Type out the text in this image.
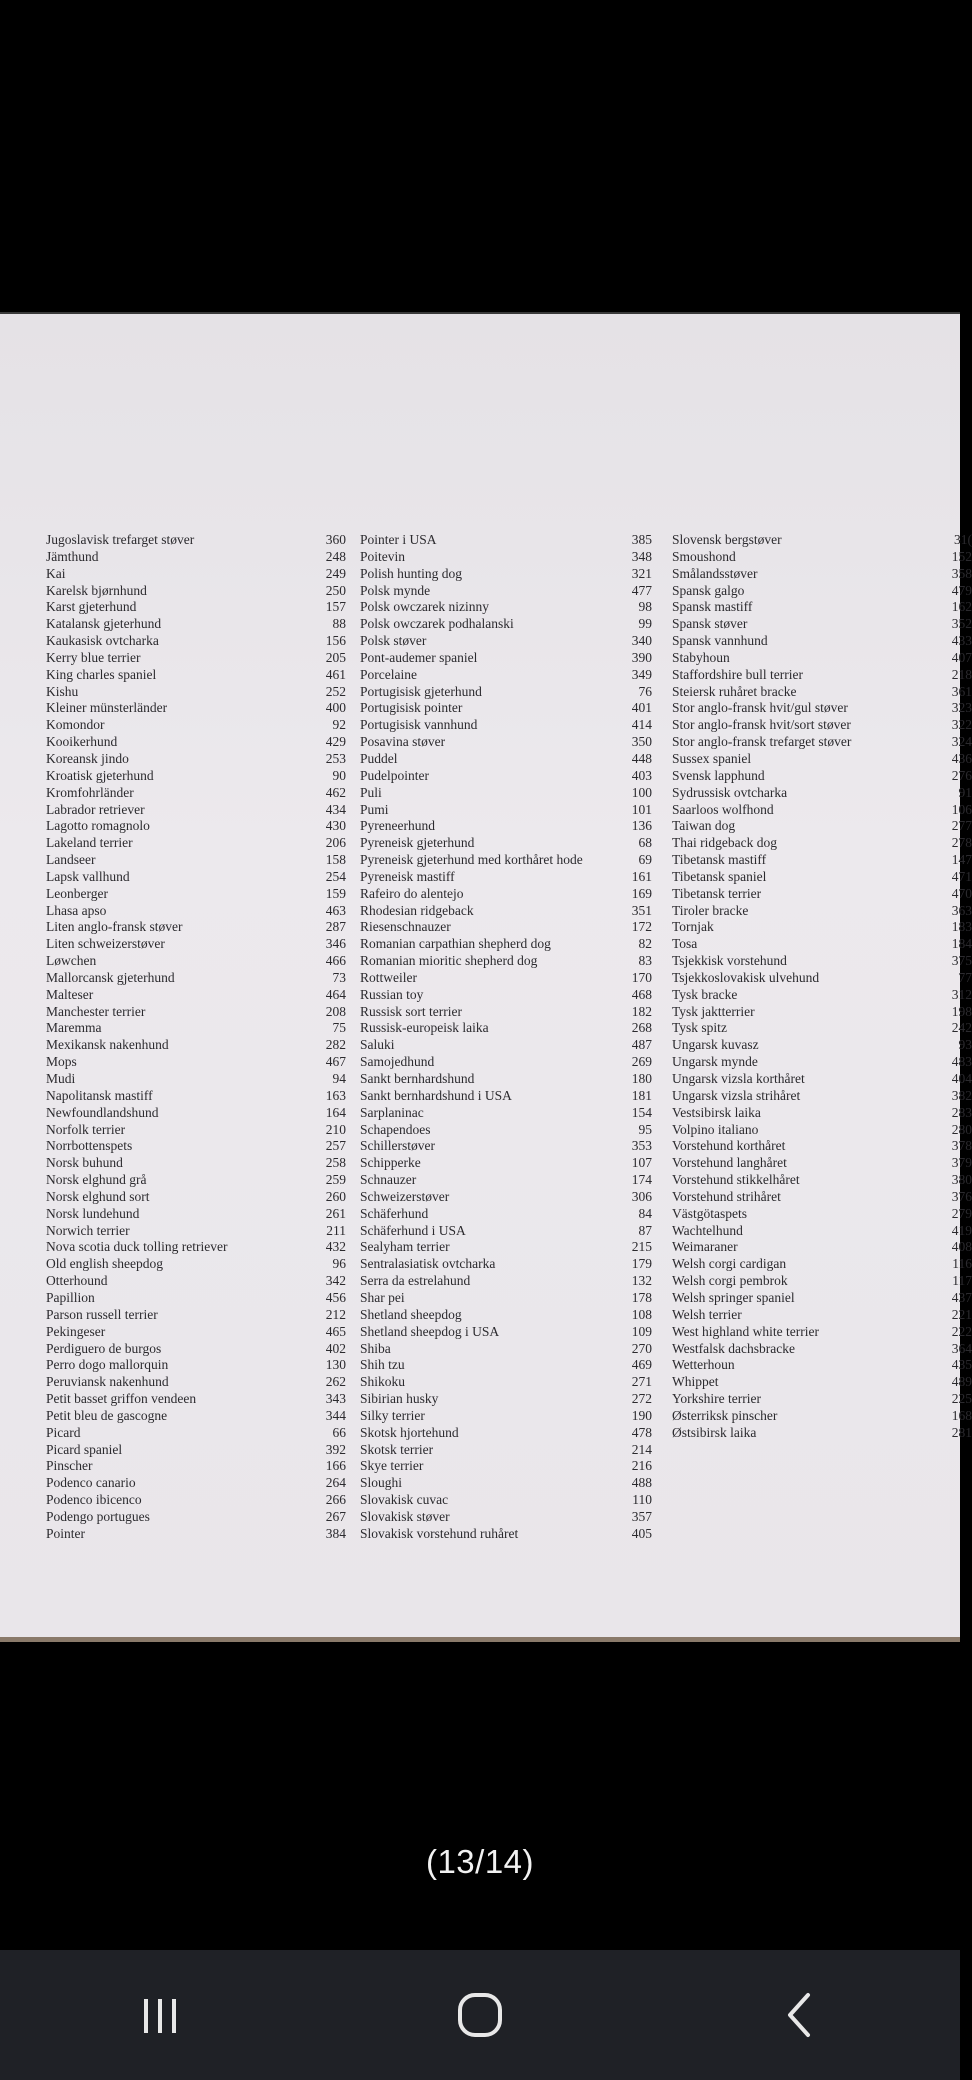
Jugoslavisk trefarget støver	360
Jämthund	248
Kai	249
Karelsk bjørnhund	250
Karst gjeterhund	157
Katalansk gjeterhund	88
Kaukasisk ovtcharka	156
Kerry blue terrier	205
King charles spaniel	461
Kishu	252
Kleiner münsterländer	400
Komondor	92
Kooikerhund	429
Koreansk jindo	253
Kroatisk gjeterhund	90
Kromfohrländer	462
Labrador retriever	434
Lagotto romagnolo	430
Lakeland terrier	206
Landseer	158
Lapsk vallhund	254
Leonberger	159
Lhasa apso	463
Liten anglo-fransk støver	287
Liten schweizerstøver	346
Løwchen	466
Mallorcansk gjeterhund	73
Malteser	464
Manchester terrier	208
Maremma	75
Mexikansk nakenhund	282
Mops	467
Mudi	94
Napolitansk mastiff	163
Newfoundlandshund	164
Norfolk terrier	210
Norrbottenspets	257
Norsk buhund	258
Norsk elghund grå	259
Norsk elghund sort	260
Norsk lundehund	261
Norwich terrier	211
Nova scotia duck tolling retriever	432
Old english sheepdog	96
Otterhound	342
Papillion	456
Parson russell terrier	212
Pekingeser	465
Perdiguero de burgos	402
Perro dogo mallorquin	130
Peruviansk nakenhund	262
Petit basset griffon vendeen	343
Petit bleu de gascogne	344
Picard	66
Picard spaniel	392
Pinscher	166
Podenco canario	264
Podenco ibicenco	266
Podengo portugues	267
Pointer	384
Pointer i USA	385
Poitevin	348
Polish hunting dog	321
Polsk mynde	477
Polsk owczarek nizinny	98
Polsk owczarek podhalanski	99
Polsk støver	340
Pont-audemer spaniel	390
Porcelaine	349
Portugisisk gjeterhund	76
Portugisisk pointer	401
Portugisisk vannhund	414
Posavina støver	350
Puddel	448
Pudelpointer	403
Puli	100
Pumi	101
Pyreneerhund	136
Pyreneisk gjeterhund	68
Pyreneisk gjeterhund med korthåret hode	69
Pyreneisk mastiff	161
Rafeiro do alentejo	169
Rhodesian ridgeback	351
Riesenschnauzer	172
Romanian carpathian shepherd dog	82
Romanian mioritic shepherd dog	83
Rottweiler	170
Russian toy	468
Russisk sort terrier	182
Russisk-europeisk laika	268
Saluki	487
Samojedhund	269
Sankt bernhardshund	180
Sankt bernhardshund i USA	181
Sarplaninac	154
Schapendoes	95
Schillerstøver	353
Schipperke	107
Schnauzer	174
Schweizerstøver	306
Schäferhund	84
Schäferhund i USA	87
Sealyham terrier	215
Sentralasiatisk ovtcharka	179
Serra da estrelahund	132
Shar pei	178
Shetland sheepdog	108
Shetland sheepdog i USA	109
Shiba	270
Shih tzu	469
Shikoku	271
Sibirian husky	272
Silky terrier	190
Skotsk hjortehund	478
Skotsk terrier	214
Skye terrier	216
Sloughi	488
Slovakisk cuvac	110
Slovakisk støver	357
Slovakisk vorstehund ruhåret	405
Slovensk bergstøver	31(
Smoushond	152
Smålandsstøver	358
Spansk galgo	479
Spansk mastiff	162
Spansk støver	352
Spansk vannhund	433
Stabyhoun	407
Staffordshire bull terrier	218
Steiersk ruhåret bracke	361
Stor anglo-fransk hvit/gul støver	323
Stor anglo-fransk hvit/sort støver	322
Stor anglo-fransk trefarget støver	324
Sussex spaniel	436
Svensk lapphund	276
Sydrussisk ovtcharka	91
Saarloos wolfhond	106
Taiwan dog	277
Thai ridgeback dog	278
Tibetansk mastiff	147
Tibetansk spaniel	471
Tibetansk terrier	470
Tiroler bracke	363
Tornjak	183
Tosa	184
Tsjekkisk vorstehund	375
Tsjekkoslovakisk ulvehund	77
Tysk bracke	312
Tysk jaktterrier	198
Tysk spitz	242
Ungarsk kuvasz	93
Ungarsk mynde	483
Ungarsk vizsla korthåret	404
Ungarsk vizsla strihåret	382
Vestsibirsk laika	283
Volpino italiano	280
Vorstehund korthåret	378
Vorstehund langhåret	379
Vorstehund stikkelhåret	380
Vorstehund strihåret	376
Västgötaspets	279
Wachtelhund	419
Weimaraner	408
Welsh corgi cardigan	116
Welsh corgi pembrok	117
Welsh springer spaniel	437
Welsh terrier	221
West highland white terrier	222
Westfalsk dachsbracke	364
Wetterhoun	435
Whippet	489
Yorkshire terrier	225
Østerriksk pinscher	168
Østsibirsk laika	281
(13/14)
